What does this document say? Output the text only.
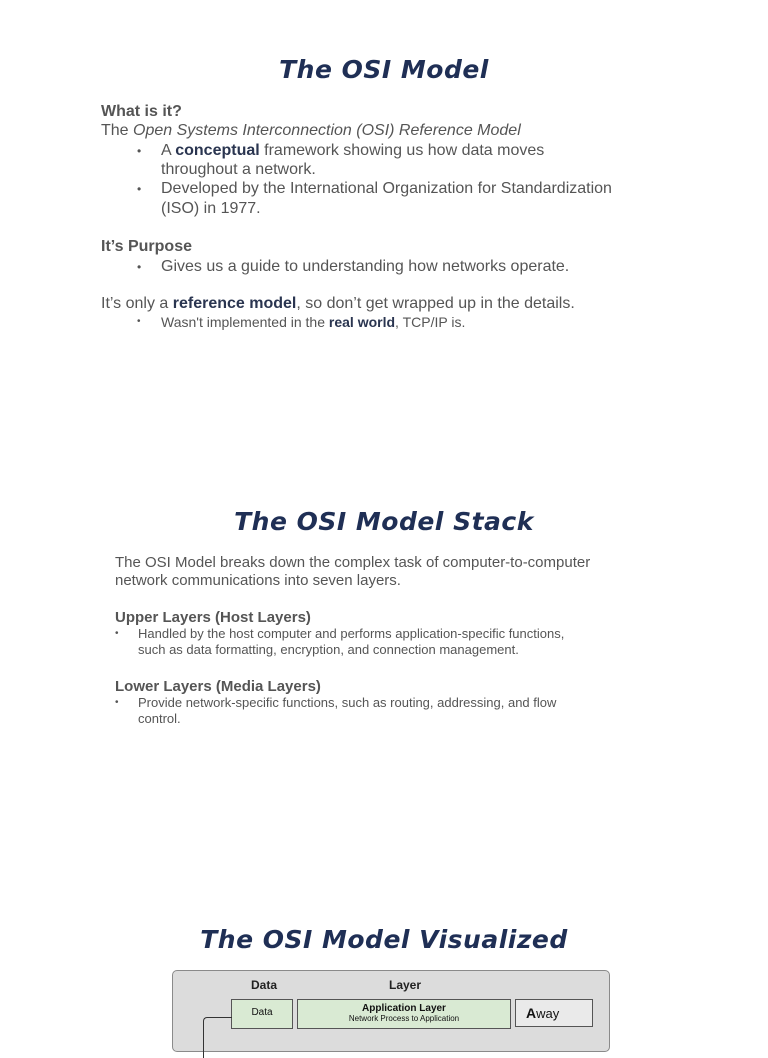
The OSI Model
What is it?
The Open Systems Interconnection (OSI) Reference Model
• A conceptual framework showing us how data moves
throughout a network.
• Developed by the International Organization for Standardization
(ISO) in 1977.
It’s Purpose
• Gives us a guide to understanding how networks operate.
It’s only a reference model, so don’t get wrapped up in the details.
• Wasn't implemented in the real world, TCP/IP is.
The OSI Model Stack
The OSI Model breaks down the complex task of computer-to-computer
network communications into seven layers.
Upper Layers (Host Layers)
• Handled by the host computer and performs application-specific functions,
such as data formatting, encryption, and connection management.
Lower Layers (Media Layers)
• Provide network-specific functions, such as routing, addressing, and flow
control.
The OSI Model Visualized
Data	Layer
Data	Application Layer
Network Process to Application	Away
